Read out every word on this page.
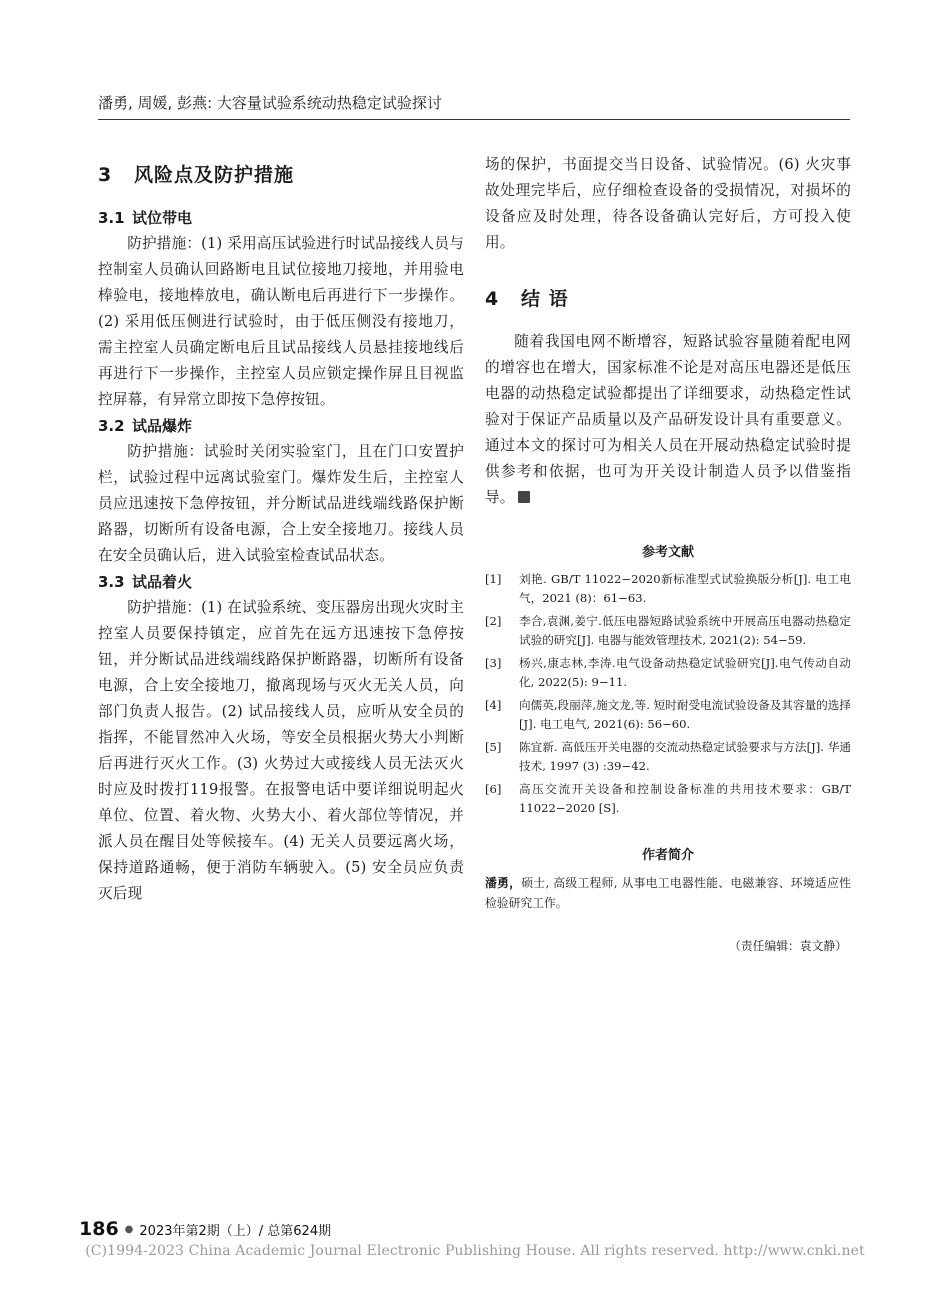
潘勇, 周媛, 彭燕: 大容量试验系统动热稳定试验探讨
3 风险点及防护措施
3.1 试位带电

防护措施：(1) 采用高压试验进行时试品接线人员与控制室人员确认回路断电且试位接地刀接地，并用验电棒验电，接地棒放电，确认断电后再进行下一步操作。(2) 采用低压侧进行试验时，由于低压侧没有接地刀，需主控室人员确定断电后且试品接线人员悬挂接地线后再进行下一步操作，主控室人员应锁定操作屏且目视监控屏幕，有异常立即按下急停按钮。

3.2 试品爆炸

防护措施：试验时关闭实验室门，且在门口安置护栏，试验过程中远离试验室门。爆炸发生后，主控室人员应迅速按下急停按钮，并分断试品进线端线路保护断路器，切断所有设备电源，合上安全接地刀。接线人员在安全员确认后，进入试验室检查试品状态。

3.3 试品着火

防护措施：(1) 在试验系统、变压器房出现火灾时主控室人员要保持镇定，应首先在远方迅速按下急停按钮，并分断试品进线端线路保护断路器，切断所有设备电源，合上安全接地刀，撤离现场与灭火无关人员，向部门负责人报告。(2) 试品接线人员，应听从安全员的指挥，不能冒然冲入火场，等安全员根据火势大小判断后再进行灭火工作。(3) 火势过大或接线人员无法灭火时应及时拨打119报警。在报警电话中要详细说明起火单位、位置、着火物、火势大小、着火部位等情况，并派人员在醒目处等候接车。(4) 无关人员要远离火场，保持道路通畅，便于消防车辆驶入。(5) 安全员应负责灭后现

场的保护，书面提交当日设备、试验情况。(6) 火灾事故处理完毕后，应仔细检查设备的受损情况，对损坏的设备应及时处理，待各设备确认完好后，方可投入使用。

4 结 语

随着我国电网不断增容，短路试验容量随着配电网的增容也在增大，国家标准不论是对高压电器还是低压电器的动热稳定试验都提出了详细要求，动热稳定性试验对于保证产品质量以及产品研发设计具有重要意义。通过本文的探讨可为相关人员在开展动热稳定试验时提供参考和依据，也可为开关设计制造人员予以借鉴指导。

参考文献
[1]	刘艳. GB/T 11022−2020新标准型式试验换版分析[J]. 电工电气，2021 (8)：61−63.
[2]	李合,袁渊,姜宁.低压电器短路试验系统中开展高压电器动热稳定试验的研究[J]. 电器与能效管理技术, 2021(2): 54−59.
[3]	杨兴,康志林,李涛.电气设备动热稳定试验研究[J].电气传动自动化, 2022(5): 9−11.
[4]	向儒英,段丽萍,施文龙,等. 短时耐受电流试验设备及其容量的选择[J]. 电工电气, 2021(6): 56−60.
[5]	陈宜新. 高低压开关电器的交流动热稳定试验要求与方法[J]. 华通技术, 1997 (3) :39−42.
[6]	高压交流开关设备和控制设备标准的共用技术要求：GB/T 11022−2020 [S].
作者简介

潘勇，硕士, 高级工程师, 从事电工电器性能、电磁兼容、环境适应性检验研究工作。

（责任编辑：袁文静）
186 ● 2023年第2期（上）/ 总第624期
(C)1994-2023 China Academic Journal Electronic Publishing House. All rights reserved. http://www.cnki.net
